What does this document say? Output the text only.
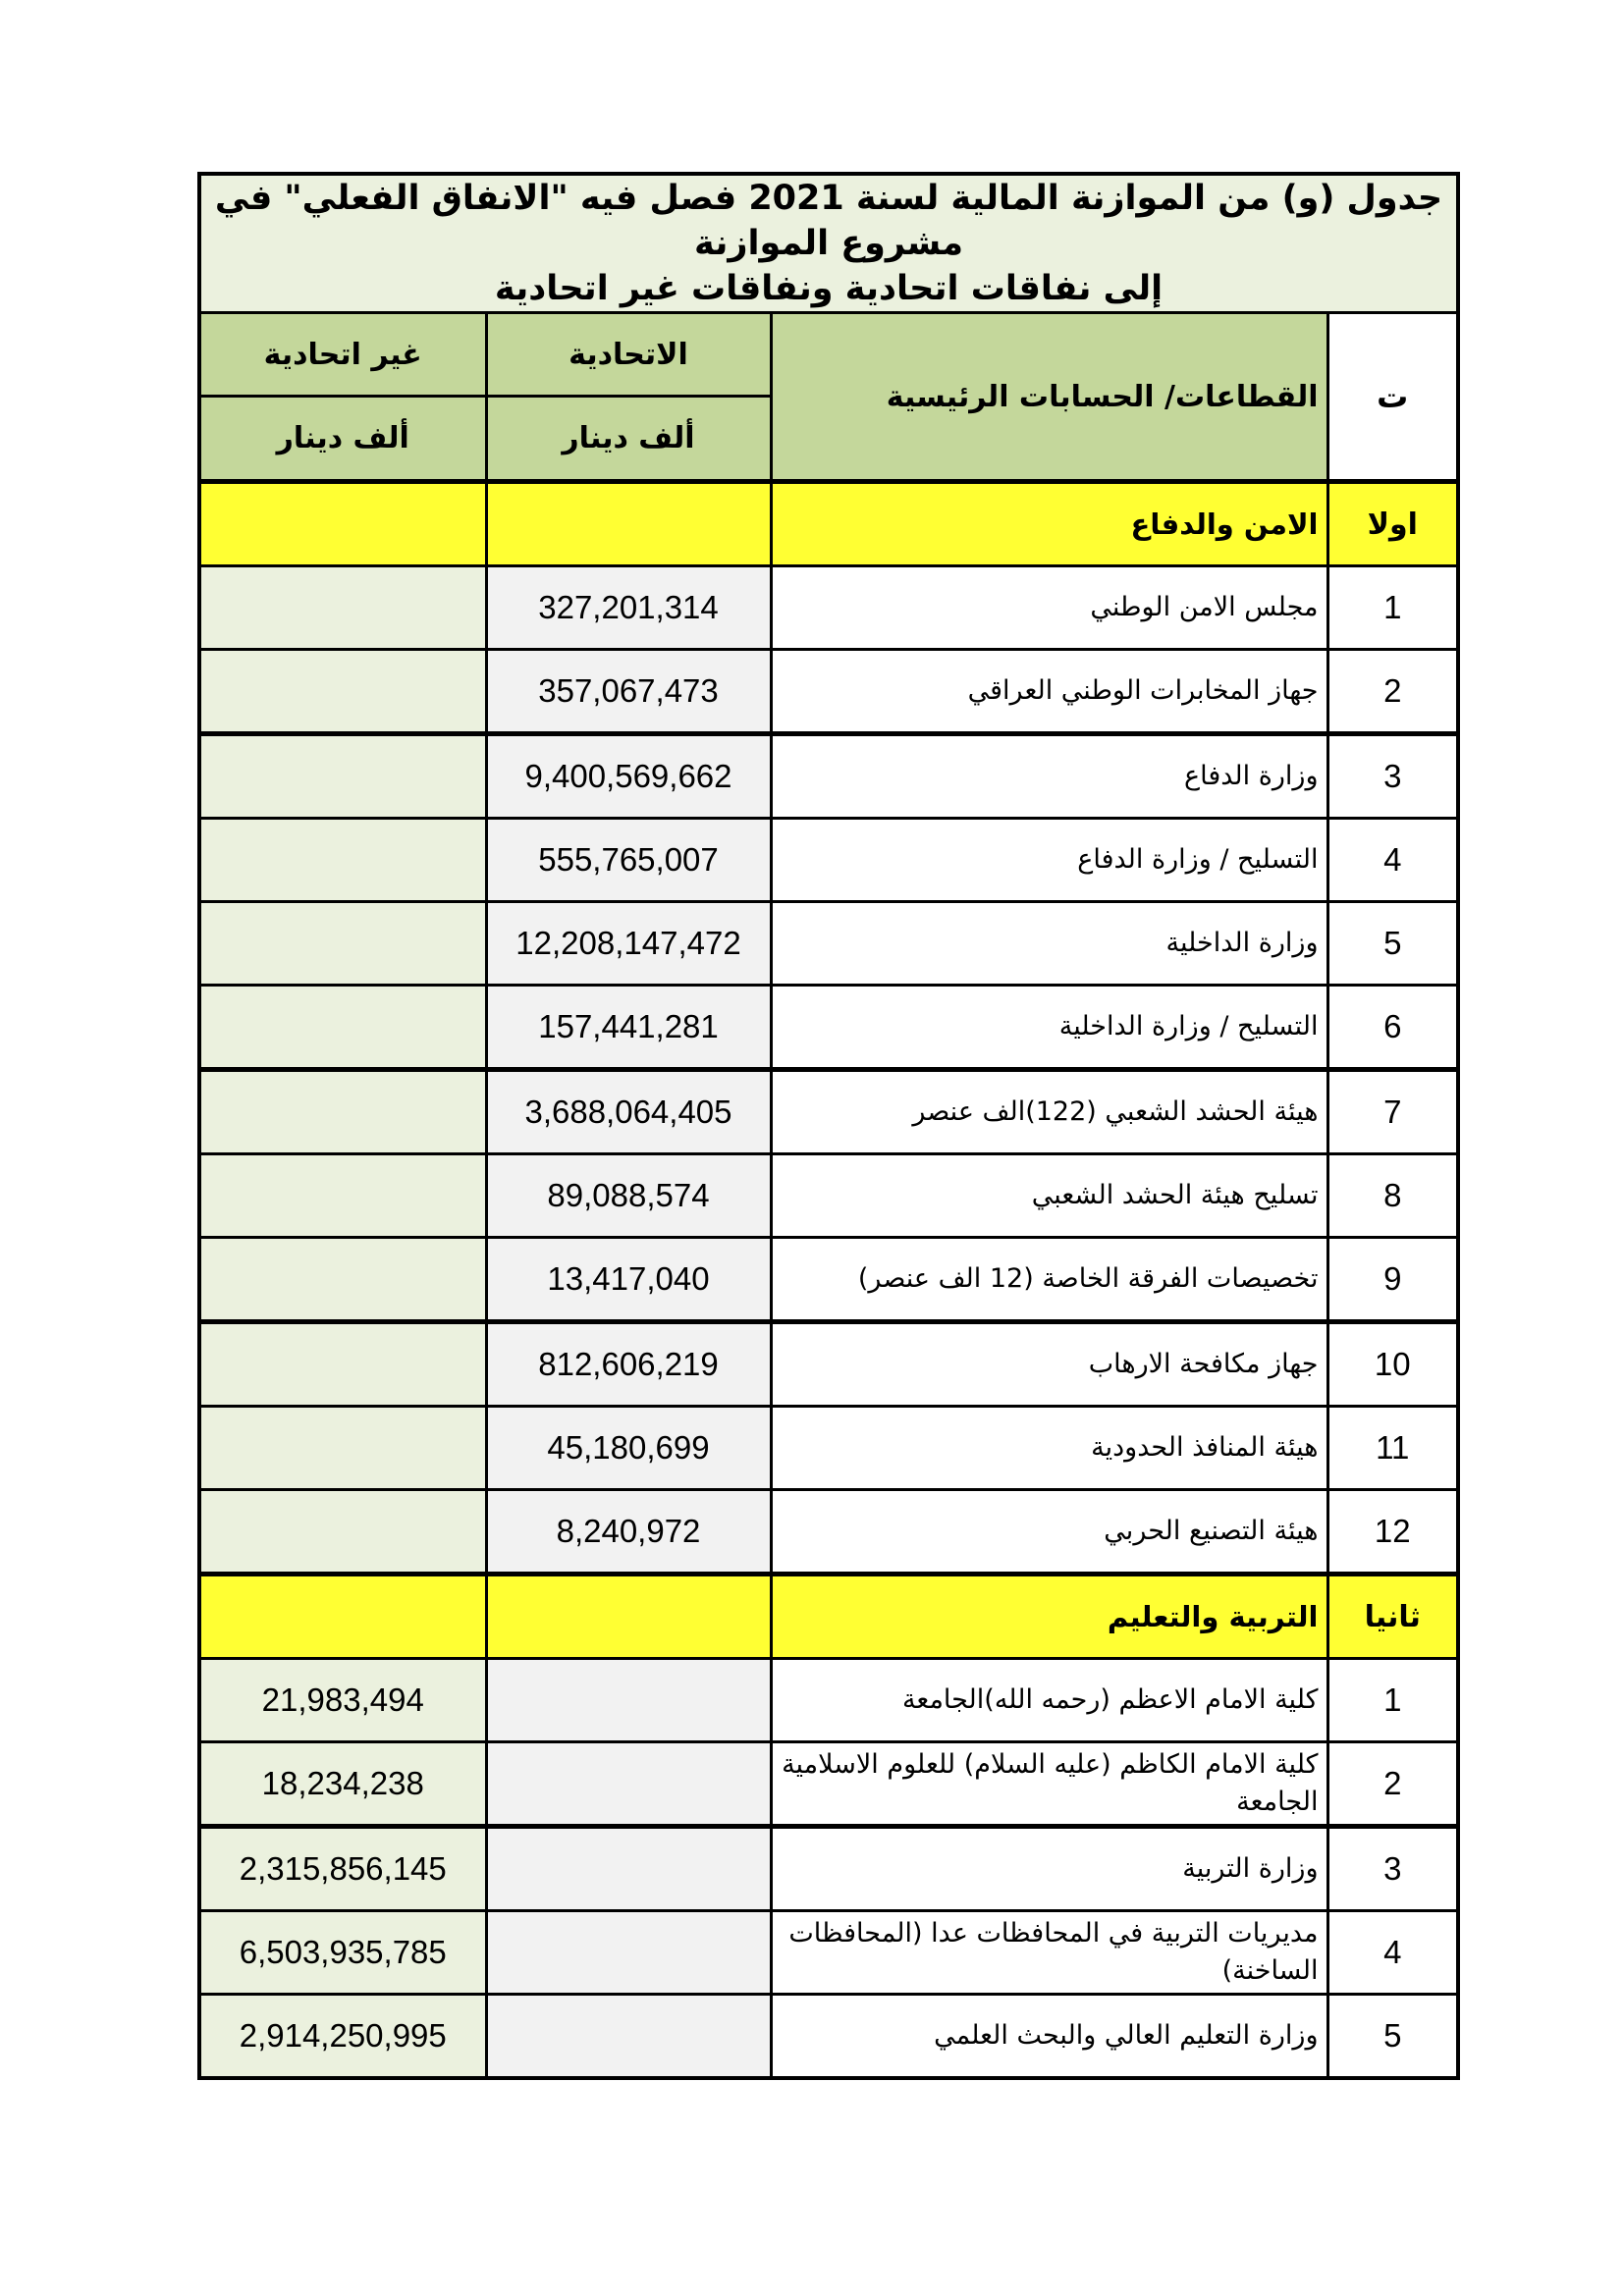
جدول (و) من الموازنة المالية لسنة 2021 فصل فيه "الانفاق الفعلي" في مشروع الموازنة
إلى نفاقات اتحادية ونفاقات غير اتحادية			

غير اتحادية	الاتحادية	القطاعات/ الحسابات الرئيسية	ت
ألف دينار	ألف دينار		
		الامن والدفاع	اولا
	327,201,314	مجلس الامن الوطني	1
	357,067,473	جهاز المخابرات الوطني العراقي	2
	9,400,569,662	وزارة الدفاع	3
	555,765,007	التسليح / وزارة الدفاع	4
	12,208,147,472	وزارة الداخلية	5
	157,441,281	التسليح / وزارة الداخلية	6
	3,688,064,405	هيئة الحشد الشعبي (122)الف عنصر	7
	89,088,574	تسليح هيئة الحشد الشعبي	8
	13,417,040	تخصيصات الفرقة الخاصة (12 الف عنصر)	9
	812,606,219	جهاز مكافحة الارهاب	10
	45,180,699	هيئة المنافذ الحدودية	11
	8,240,972	هيئة التصنيع الحربي	12
		التربية والتعليم	ثانيا
21,983,494		كلية الامام الاعظم (رحمه الله)الجامعة	1
18,234,238		كلية الامام الكاظم (عليه السلام) للعلوم الاسلامية الجامعة	2
2,315,856,145		وزارة التربية	3
6,503,935,785		مديريات التربية في المحافظات عدا (المحافظات الساخنة)	4
2,914,250,995		وزارة التعليم العالي والبحث العلمي	5
